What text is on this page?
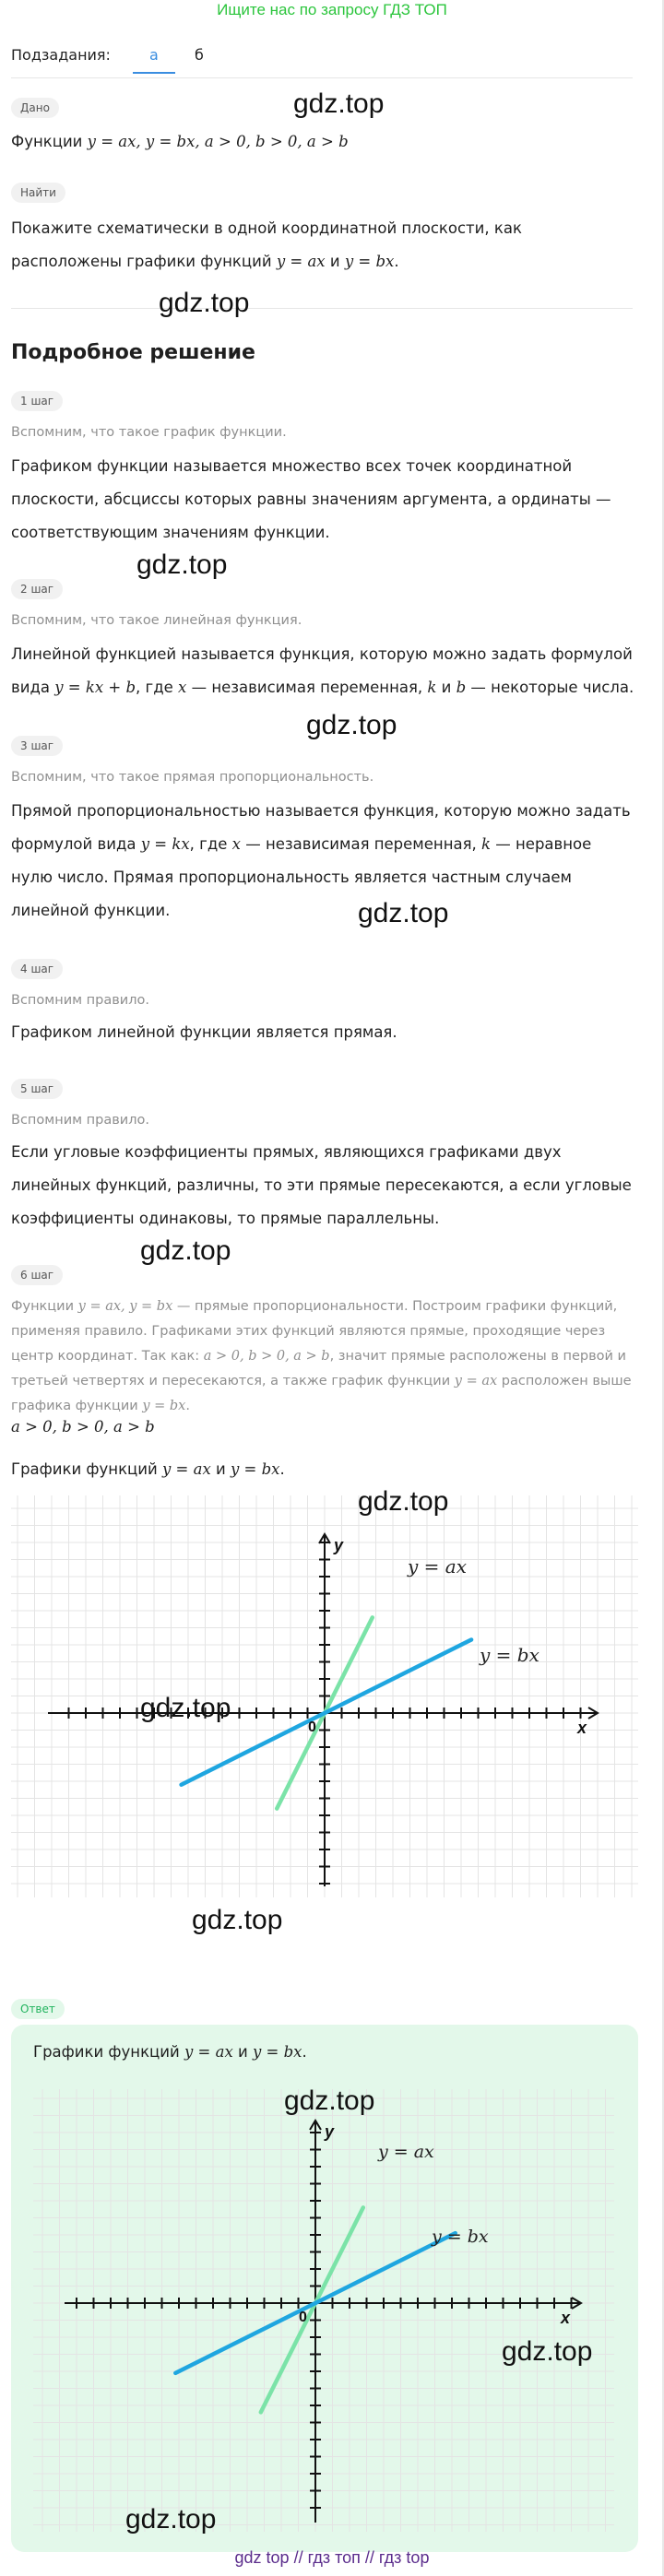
Ищите нас по запросу ГДЗ ТОП
Подзадания:	а б
Дано
Функции y = ax, y = bx, a > 0, b > 0, a > b
Найти
Покажите схематически в одной координатной плоскости, как расположены графики функций y = ax и y = bx.
Подробное решение
1 шаг
Вспомним, что такое график функции.
Графиком функции называется множество всех точек координатной плоскости, абсциссы которых равны значениям аргумента, а ординаты — соответствующим значениям функции.
2 шаг
Вспомним, что такое линейная функция.
Линейной функцией называется функция, которую можно задать формулой вида y = kx + b, где x — независимая переменная, k и b — некоторые числа.
3 шаг
Вспомним, что такое прямая пропорциональность.
Прямой пропорциональностью называется функция, которую можно задать формулой вида y = kx, где x — независимая переменная, k — неравное нулю число. Прямая пропорциональность является частным случаем линейной функции.
4 шаг
Вспомним правило.
Графиком линейной функции является прямая.
5 шаг
Вспомним правило.
Если угловые коэффициенты прямых, являющихся графиками двух линейных функций, различны, то эти прямые пересекаются, а если угловые коэффициенты одинаковы, то прямые параллельны.
6 шаг
Функции y = ax, y = bx — прямые пропорциональности. Построим графики функций, применяя правило. Графиками этих функций являются прямые, проходящие через центр координат. Так как: a > 0, b > 0, a > b, значит прямые расположены в первой и третьей четвертях и пересекаются, а также график функции y = ax расположен выше графика функции y = bx.
a > 0, b > 0, a > b
Графики функций y = ax и y = bx.
y = ax
y = bx
x
y
0
Ответ
Графики функций y = ax и y = bx.
y = ax
y = bx
x
y
0
gdz.top
gdz.top
gdz.top
gdz.top
gdz.top
gdz.top
gdz.top
gdz.top
gdz.top
gdz.top
gdz.top
gdz.top
gdz top // гдз топ // гдз top
